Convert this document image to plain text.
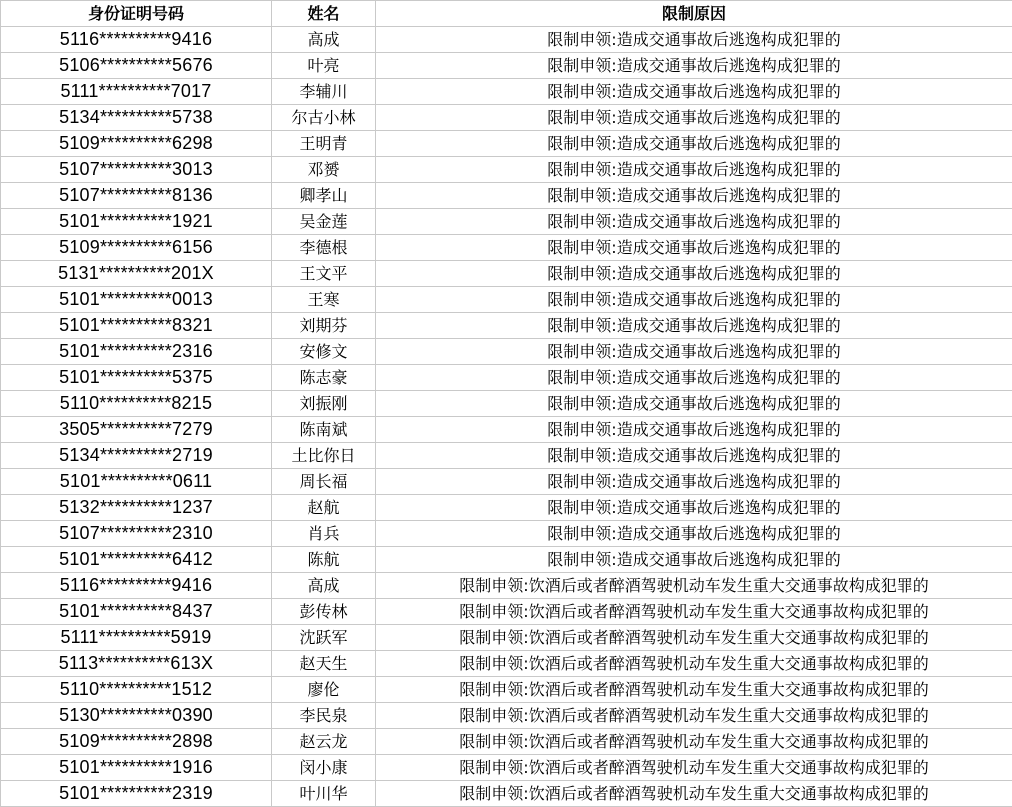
身份证明号码	姓名	限制原因
5116**********9416	高成	限制申领:造成交通事故后逃逸构成犯罪的
5106**********5676	叶亮	限制申领:造成交通事故后逃逸构成犯罪的
5111**********7017	李辅川	限制申领:造成交通事故后逃逸构成犯罪的
5134**********5738	尔古小林	限制申领:造成交通事故后逃逸构成犯罪的
5109**********6298	王明青	限制申领:造成交通事故后逃逸构成犯罪的
5107**********3013	邓赟	限制申领:造成交通事故后逃逸构成犯罪的
5107**********8136	卿孝山	限制申领:造成交通事故后逃逸构成犯罪的
5101**********1921	吴金莲	限制申领:造成交通事故后逃逸构成犯罪的
5109**********6156	李德根	限制申领:造成交通事故后逃逸构成犯罪的
5131**********201X	王文平	限制申领:造成交通事故后逃逸构成犯罪的
5101**********0013	王寒	限制申领:造成交通事故后逃逸构成犯罪的
5101**********8321	刘期芬	限制申领:造成交通事故后逃逸构成犯罪的
5101**********2316	安修文	限制申领:造成交通事故后逃逸构成犯罪的
5101**********5375	陈志豪	限制申领:造成交通事故后逃逸构成犯罪的
5110**********8215	刘振刚	限制申领:造成交通事故后逃逸构成犯罪的
3505**********7279	陈南斌	限制申领:造成交通事故后逃逸构成犯罪的
5134**********2719	土比你日	限制申领:造成交通事故后逃逸构成犯罪的
5101**********0611	周长福	限制申领:造成交通事故后逃逸构成犯罪的
5132**********1237	赵航	限制申领:造成交通事故后逃逸构成犯罪的
5107**********2310	肖兵	限制申领:造成交通事故后逃逸构成犯罪的
5101**********6412	陈航	限制申领:造成交通事故后逃逸构成犯罪的
5116**********9416	高成	限制申领:饮酒后或者醉酒驾驶机动车发生重大交通事故构成犯罪的
5101**********8437	彭传林	限制申领:饮酒后或者醉酒驾驶机动车发生重大交通事故构成犯罪的
5111**********5919	沈跃军	限制申领:饮酒后或者醉酒驾驶机动车发生重大交通事故构成犯罪的
5113**********613X	赵天生	限制申领:饮酒后或者醉酒驾驶机动车发生重大交通事故构成犯罪的
5110**********1512	廖伦	限制申领:饮酒后或者醉酒驾驶机动车发生重大交通事故构成犯罪的
5130**********0390	李民泉	限制申领:饮酒后或者醉酒驾驶机动车发生重大交通事故构成犯罪的
5109**********2898	赵云龙	限制申领:饮酒后或者醉酒驾驶机动车发生重大交通事故构成犯罪的
5101**********1916	闵小康	限制申领:饮酒后或者醉酒驾驶机动车发生重大交通事故构成犯罪的
5101**********2319	叶川华	限制申领:饮酒后或者醉酒驾驶机动车发生重大交通事故构成犯罪的
